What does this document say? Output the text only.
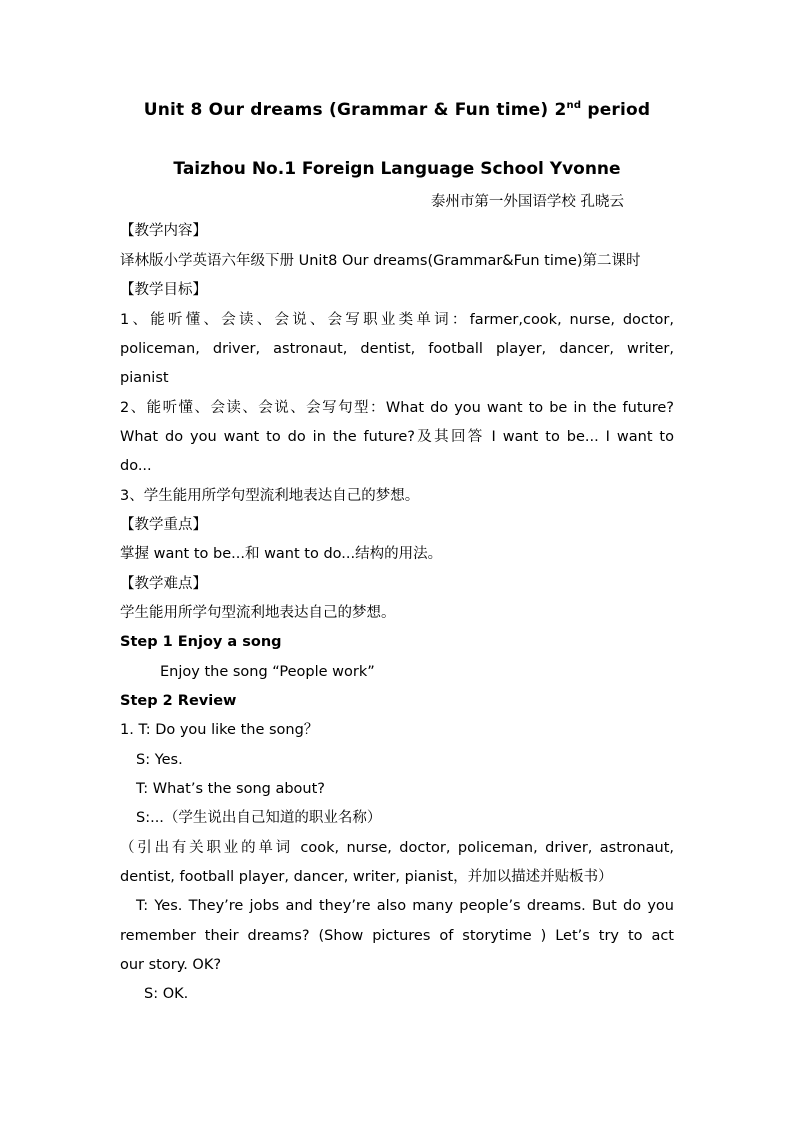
Unit 8 Our dreams (Grammar & Fun time) 2nd period
Taizhou No.1 Foreign Language School Yvonne
泰州市第一外国语学校 孔晓云
【教学内容】
译林版小学英语六年级下册 Unit8 Our dreams(Grammar&Fun time)第二课时
【教学目标】
1、能听懂、会读、会说、会写职业类单词：farmer,cook, nurse, doctor,
policeman, driver, astronaut, dentist, football player, dancer, writer,
pianist
2、能听懂、会读、会说、会写句型：What do you want to be in the future?
What do you want to do in the future?及其回答 I want to be... I want to
do...
3、学生能用所学句型流利地表达自己的梦想。
【教学重点】
掌握 want to be...和 want to do...结构的用法。
【教学难点】
学生能用所学句型流利地表达自己的梦想。
Step 1 Enjoy a song
Enjoy the song “People work”
Step 2 Review
1. T: Do you like the song？
S: Yes.
T: What’s the song about?
S:...（学生说出自己知道的职业名称）
（引出有关职业的单词 cook, nurse, doctor, policeman, driver, astronaut,
dentist, football player, dancer, writer, pianist，并加以描述并贴板书）
T: Yes. They’re jobs and they’re also many people’s dreams. But do you
remember their dreams? (Show pictures of storytime ) Let’s try to act
our story. OK?
S: OK.
